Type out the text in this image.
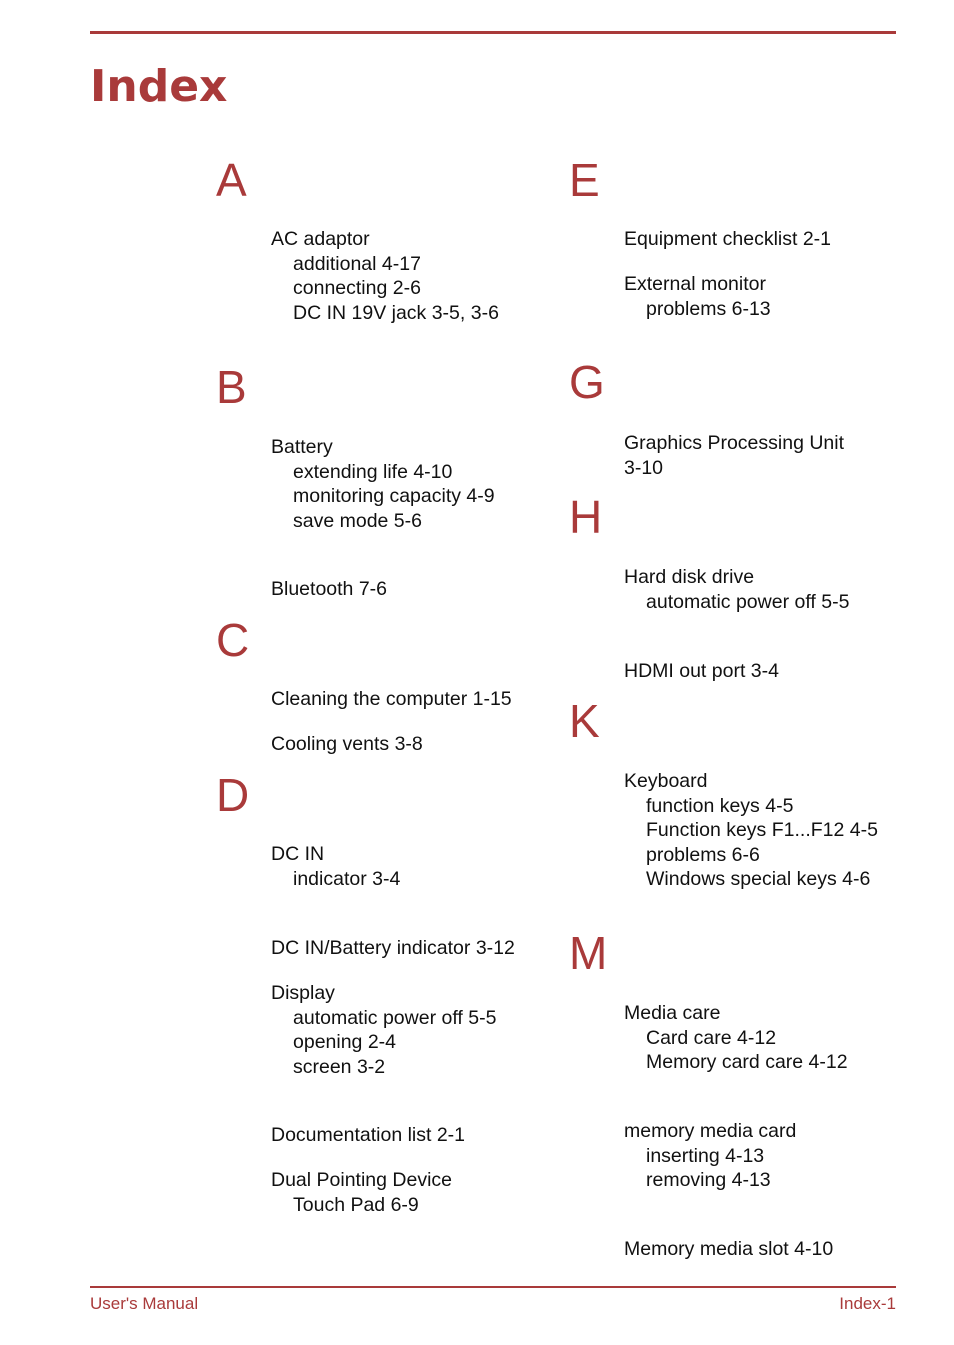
Index
A
AC adaptor
additional 4-17
connecting 2-6
DC IN 19V jack 3-5, 3-6
B
Battery
extending life 4-10
monitoring capacity 4-9
save mode 5-6
Bluetooth 7-6
C
Cleaning the computer 1-15
Cooling vents 3-8
D
DC IN
indicator 3-4
DC IN/Battery indicator 3-12
Display
automatic power off 5-5
opening 2-4
screen 3-2
Documentation list 2-1
Dual Pointing Device
Touch Pad 6-9
E
Equipment checklist 2-1
External monitor
problems 6-13
G
Graphics Processing Unit
3-10
H
Hard disk drive
automatic power off 5-5
HDMI out port 3-4
K
Keyboard
function keys 4-5
Function keys F1...F12 4-5
problems 6-6
Windows special keys 4-6
M
Media care
Card care 4-12
Memory card care 4-12
memory media card
inserting 4-13
removing 4-13
Memory media slot 4-10
User's Manual	Index-1
